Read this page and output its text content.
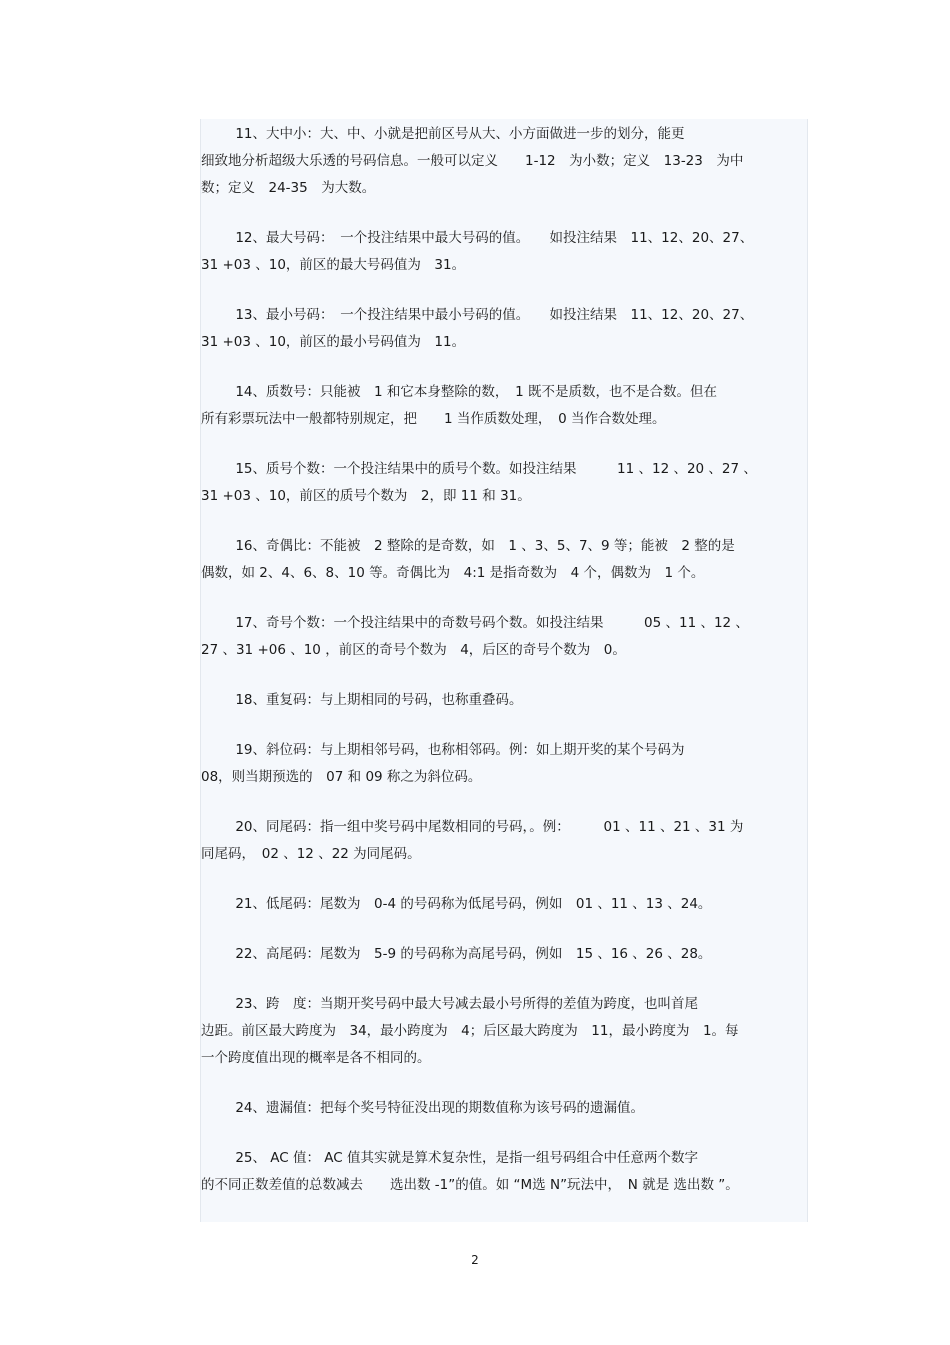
11、大中小：大、中、小就是把前区号从大、小方面做进一步的划分，能更
细致地分析超级大乐透的号码信息。一般可以定义　　1-12　为小数；定义　13-23　为中
数；定义　24-35　为大数。
12、最大号码：　一个投注结果中最大号码的值。　　如投注结果　11、12、20、27、
31 +03 、10，前区的最大号码值为　31。
13、最小号码：　一个投注结果中最小号码的值。　　如投注结果　11、12、20、27、
31 +03 、10，前区的最小号码值为　11。
14、质数号：只能被　1 和它本身整除的数，　1 既不是质数，也不是合数。但在
所有彩票玩法中一般都特别规定，把　　1 当作质数处理，　0 当作合数处理。
15、质号个数：一个投注结果中的质号个数。如投注结果　　　11 、12 、20 、27 、
31 +03 、10，前区的质号个数为　2，即 11 和 31。
16、奇偶比：不能被　2 整除的是奇数，如　1 、3、5、7、9 等；能被　2 整的是
偶数，如 2、4、6、8、10 等。奇偶比为　4:1 是指奇数为　4 个，偶数为　1 个。
17、奇号个数：一个投注结果中的奇数号码个数。如投注结果　　　05 、11 、12 、
27 、31 +06 、10 ，前区的奇号个数为　4，后区的奇号个数为　0。
18、重复码：与上期相同的号码，也称重叠码。
19、斜位码：与上期相邻号码，也称相邻码。例：如上期开奖的某个号码为
08，则当期预选的　07 和 09 称之为斜位码。
20、同尾码：指一组中奖号码中尾数相同的号码，。例：　　　01 、11 、21 、31 为
同尾码，　02 、12 、22 为同尾码。
21、低尾码：尾数为　0-4 的号码称为低尾号码，例如　01 、11 、13 、24。
22、高尾码：尾数为　5-9 的号码称为高尾号码，例如　15 、16 、26 、28。
23、跨　度：当期开奖号码中最大号减去最小号所得的差值为跨度，也叫首尾
边距。前区最大跨度为　34，最小跨度为　4；后区最大跨度为　11，最小跨度为　1。每
一个跨度值出现的概率是各不相同的。
24、遗漏值：把每个奖号特征没出现的期数值称为该号码的遗漏值。
25、 AC 值： AC 值其实就是算术复杂性，是指一组号码组合中任意两个数字
的不同正数差值的总数减去　　选出数 -1”的值。如 “M选 N”玩法中，　N 就是 选出数 ”。
2
